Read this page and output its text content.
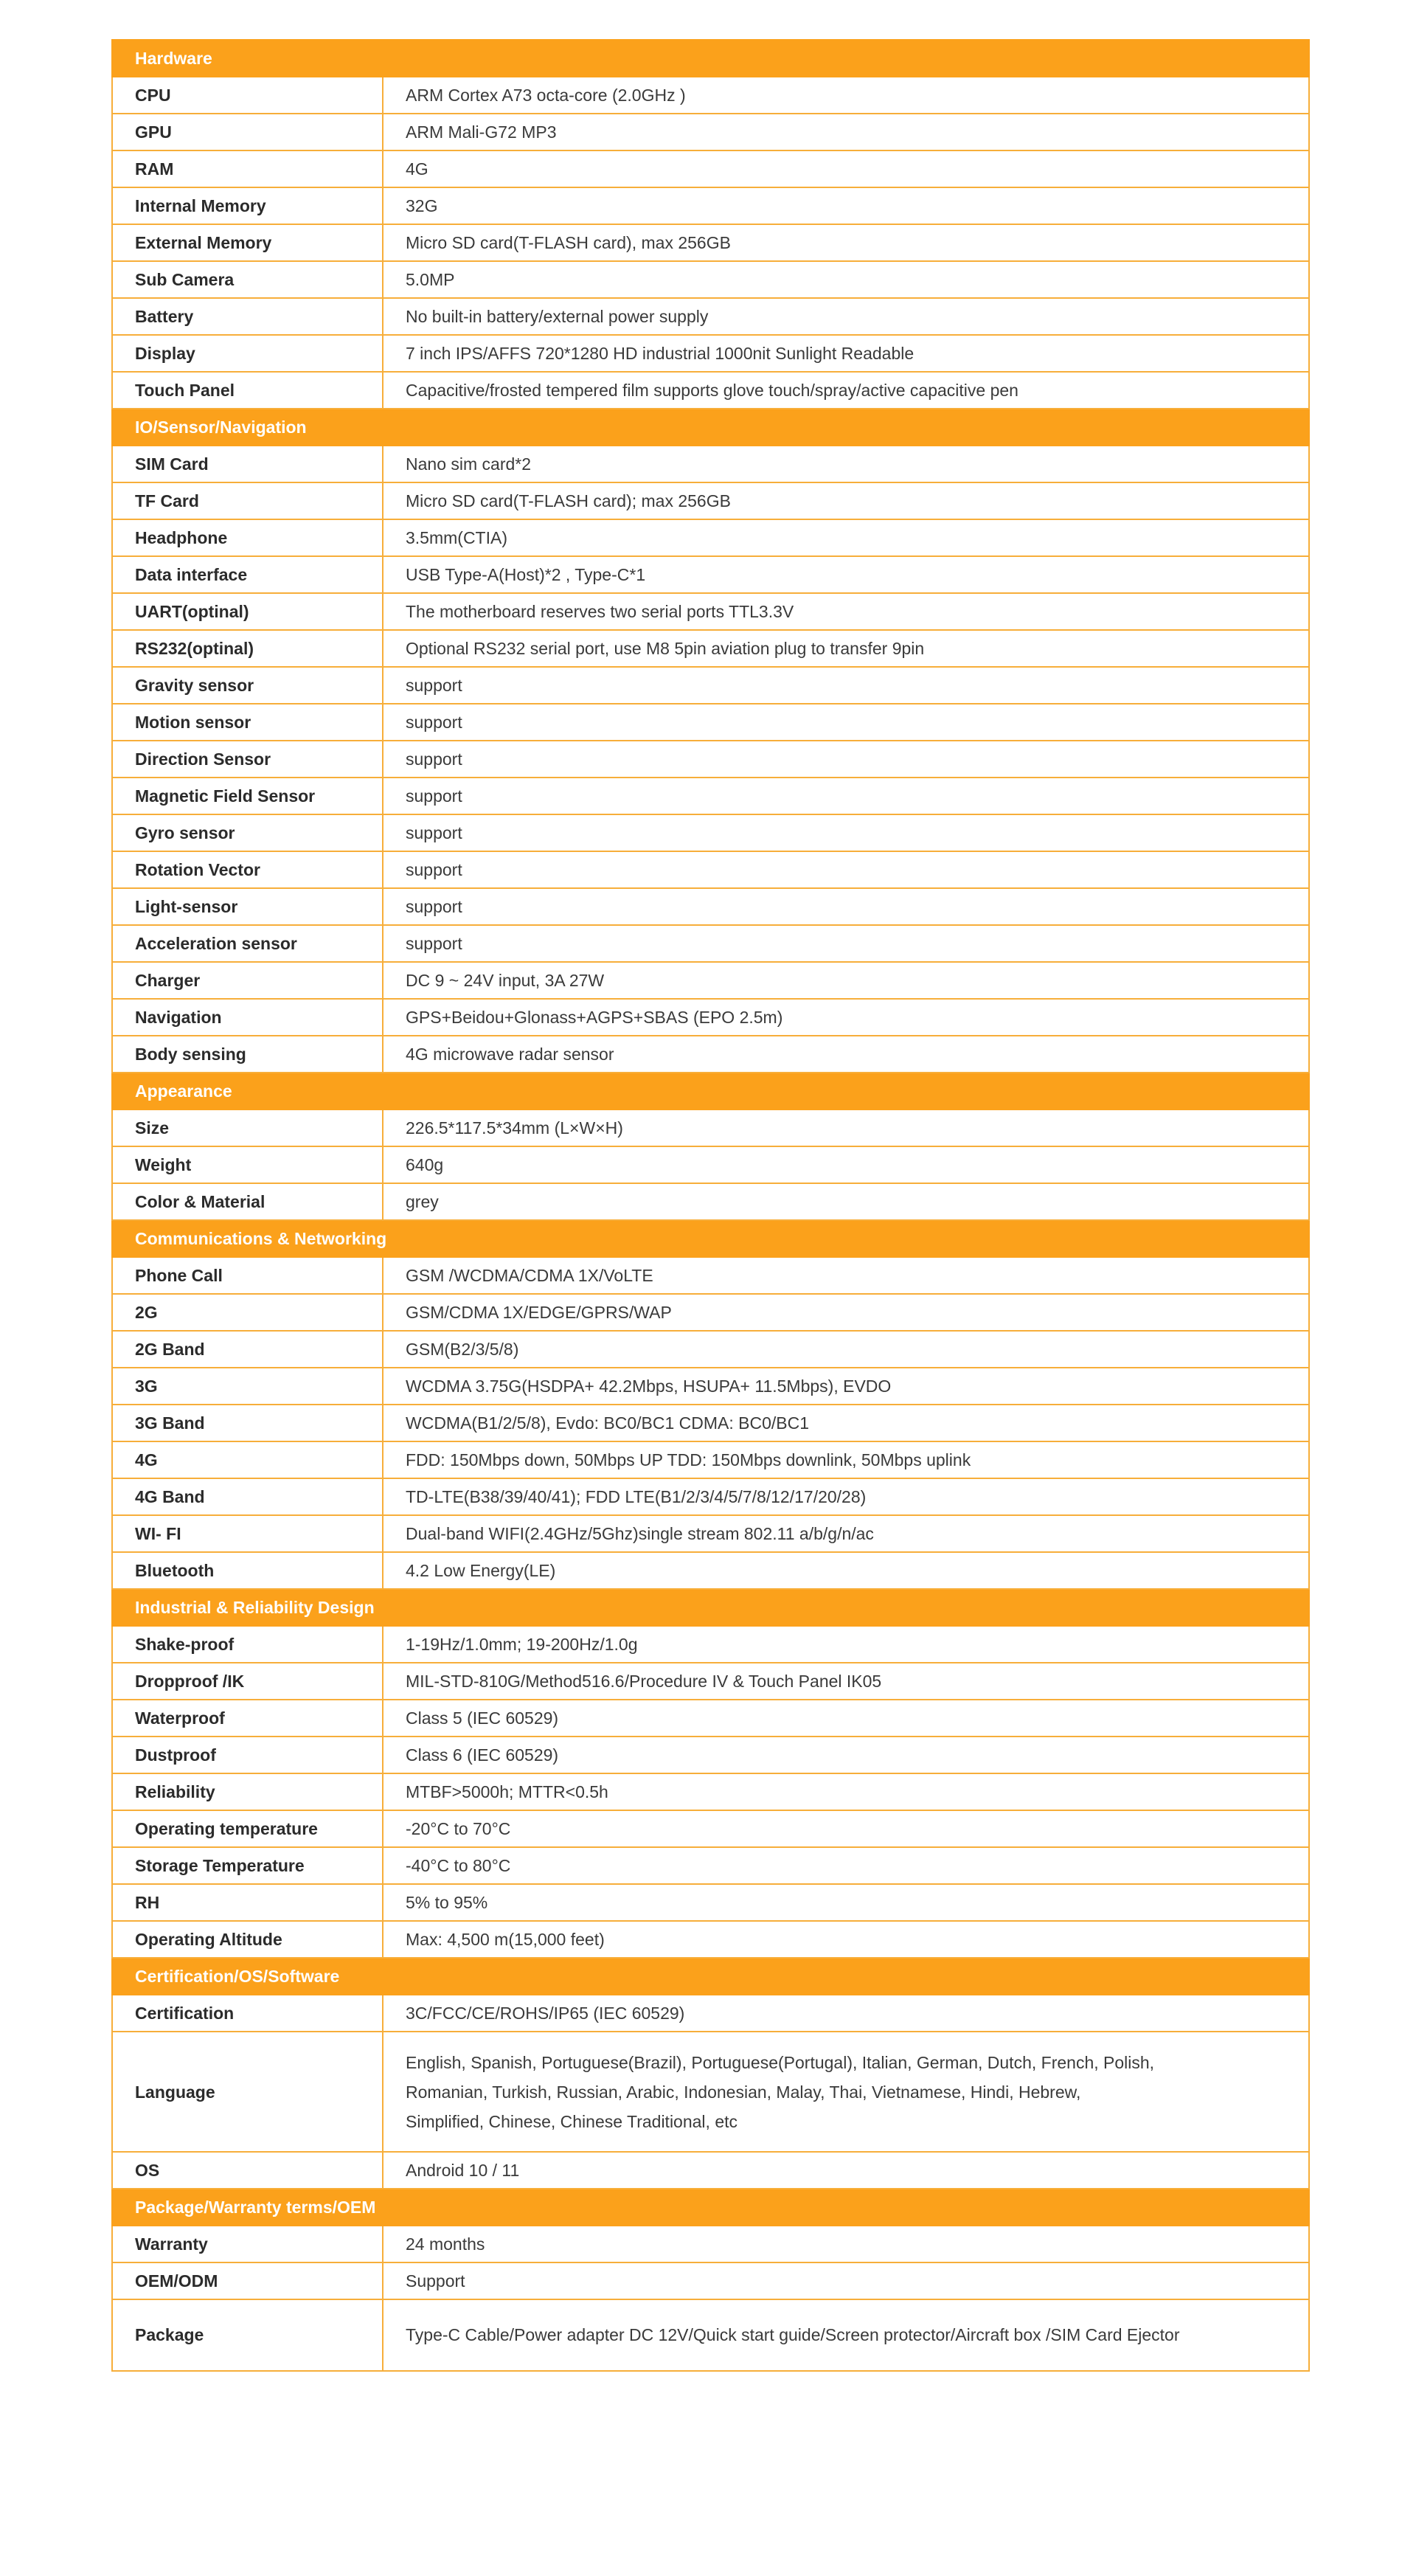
Hardware	
CPU	ARM Cortex A73 octa-core (2.0GHz )
GPU	ARM Mali-G72 MP3
RAM	4G
Internal Memory	32G
External Memory	Micro SD card(T-FLASH card), max 256GB
Sub Camera	5.0MP
Battery	No built-in battery/external power supply
Display	7 inch IPS/AFFS 720*1280 HD industrial 1000nit Sunlight Readable
Touch Panel	Capacitive/frosted tempered film supports glove touch/spray/active capacitive pen
IO/Sensor/Navigation	
SIM Card	Nano sim card*2
TF Card	Micro SD card(T-FLASH card); max 256GB
Headphone	3.5mm(CTIA)
Data interface	USB Type-A(Host)*2 , Type-C*1
UART(optinal)	The motherboard reserves two serial ports TTL3.3V
RS232(optinal)	Optional RS232 serial port, use M8 5pin aviation plug to transfer 9pin
Gravity sensor	support
Motion sensor	support
Direction Sensor	support
Magnetic Field Sensor	support
Gyro sensor	support
Rotation Vector	support
Light-sensor	support
Acceleration sensor	support
Charger	DC 9 ~ 24V input, 3A 27W
Navigation	GPS+Beidou+Glonass+AGPS+SBAS (EPO 2.5m)
Body sensing	4G microwave radar sensor
Appearance	
Size	226.5*117.5*34mm (L×W×H)
Weight	640g
Color & Material	grey
Communications & Networking	
Phone Call	GSM /WCDMA/CDMA 1X/VoLTE
2G	GSM/CDMA 1X/EDGE/GPRS/WAP
2G Band	GSM(B2/3/5/8)
3G	WCDMA 3.75G(HSDPA+ 42.2Mbps, HSUPA+ 11.5Mbps), EVDO
3G Band	WCDMA(B1/2/5/8), Evdo: BC0/BC1 CDMA: BC0/BC1
4G	FDD: 150Mbps down, 50Mbps UP TDD: 150Mbps downlink, 50Mbps uplink
4G Band	TD-LTE(B38/39/40/41); FDD LTE(B1/2/3/4/5/7/8/12/17/20/28)
WI- FI	Dual-band WIFI(2.4GHz/5Ghz)single stream 802.11 a/b/g/n/ac
Bluetooth	4.2 Low Energy(LE)
Industrial & Reliability Design	
Shake-proof	1-19Hz/1.0mm; 19-200Hz/1.0g
Dropproof /IK	MIL-STD-810G/Method516.6/Procedure IV & Touch Panel IK05
Waterproof	Class 5 (IEC 60529)
Dustproof	Class 6 (IEC 60529)
Reliability	MTBF>5000h; MTTR<0.5h
Operating temperature	-20°C to 70°C
Storage Temperature	-40°C to 80°C
RH	5% to 95%
Operating Altitude	Max: 4,500 m(15,000 feet)
Certification/OS/Software	
Certification	3C/FCC/CE/ROHS/IP65 (IEC 60529)
Language	English, Spanish, Portuguese(Brazil), Portuguese(Portugal), Italian, German, Dutch, French, Polish, Romanian, Turkish, Russian, Arabic, Indonesian, Malay, Thai, Vietnamese, Hindi, Hebrew, Simplified, Chinese, Chinese Traditional, etc
OS	Android 10 / 11
Package/Warranty terms/OEM	
Warranty	24 months
OEM/ODM	Support
Package	Type-C Cable/Power adapter DC 12V/Quick start guide/Screen protector/Aircraft box /SIM Card Ejector
